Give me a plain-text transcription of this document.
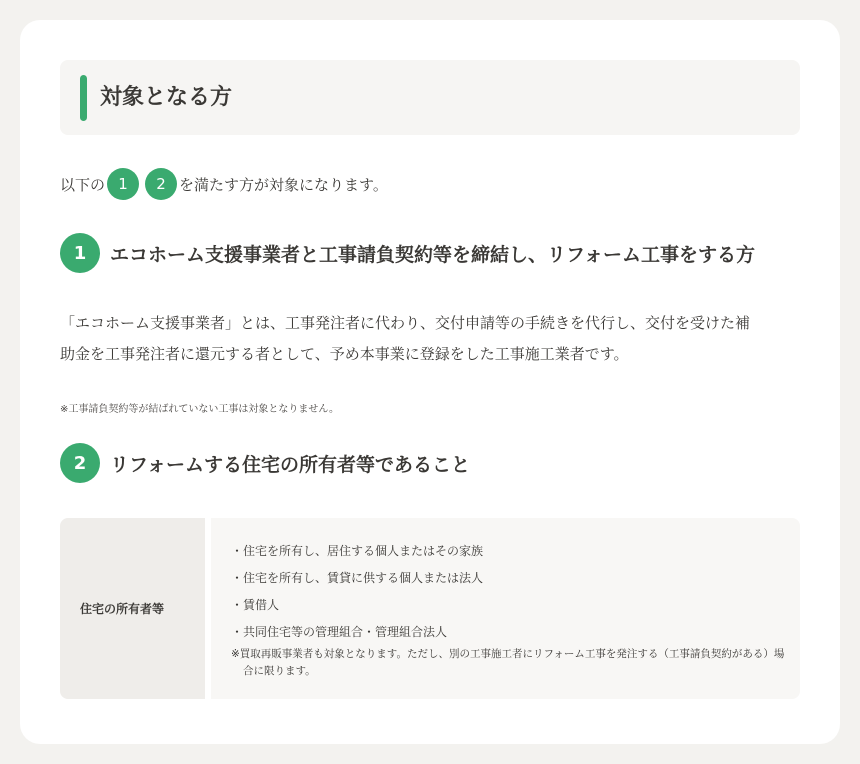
対象となる方
以下の 1	2 を満たす方が対象になります。
1	エコホーム支援事業者と工事請負契約等を締結し、リフォーム工事をする方
「エコホーム支援事業者」とは、工事発注者に代わり、交付申請等の手続きを代行し、交付を受けた補
助金を工事発注者に還元する者として、予め本事業に登録をした工事施工業者です。
※工事請負契約等が結ばれていない工事は対象となりません。
2	リフォームする住宅の所有者等であること
住宅の所有者等
・住宅を所有し、居住する個人またはその家族
・住宅を所有し、賃貸に供する個人または法人
・賃借人
・共同住宅等の管理組合・管理組合法人
※買取再販事業者も対象となります。ただし、別の工事施工者にリフォーム工事を発注する（工事請負契約がある）場合に限ります。
